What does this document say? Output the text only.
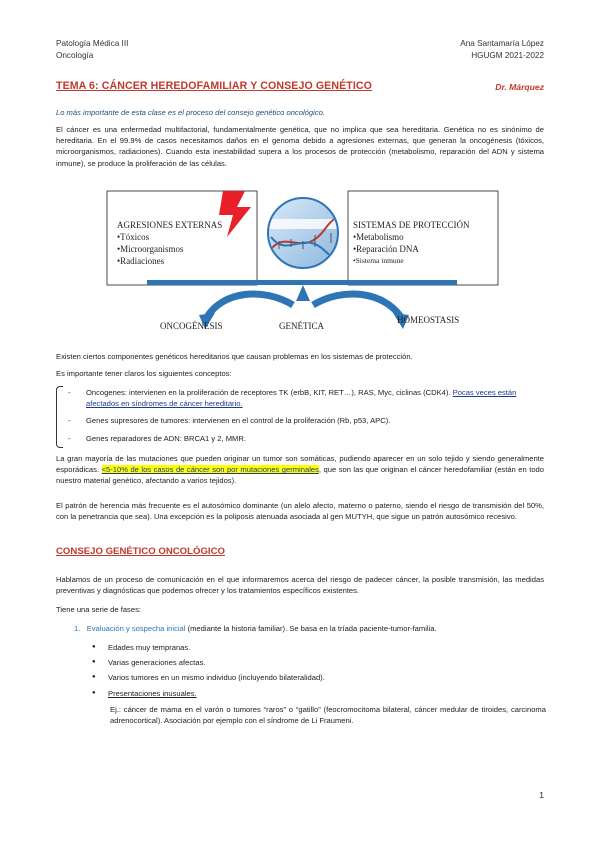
Patología Médica III
Oncología
Ana Santamaría López
HGUGM 2021-2022
TEMA 6: CÁNCER HEREDOFAMILIAR Y CONSEJO GENÉTICO	Dr. Márquez
Lo más importante de esta clase es el proceso del consejo genético oncológico.
El cáncer es una enfermedad multifactorial, fundamentalmente genética, que no implica que sea hereditaria. Genética no es sinónimo de hereditaria. En el 99.9% de casos necesitamos daños en el genoma debido a agresiones externas, que generan la oncogénesis (tóxicos, microorganismos, radiaciones). Cuando esta inestabilidad supera a los procesos de protección (metabolismo, reparación del ADN y sistema inmune), se produce la proliferación de las células.
AGRESIONES EXTERNAS
•Tóxicos
•Microorganismos
•Radiaciones
SISTEMAS DE PROTECCIÓN
•Metabolismo
•Reparación DNA
•Sistema inmune
ONCOGÉNESIS	GENÉTICA
HOMEOSTASIS
Existen ciertos componentes genéticos hereditarios que causan problemas en los sistemas de protección.
Es importante tener claros los siguientes conceptos:
- Oncogenes: intervienen en la proliferación de receptores TK (erbB, KIT, RET…), RAS, Myc, ciclinas (CDK4). Pocas veces están afectados en síndromes de cáncer hereditario.
- Genes supresores de tumores: intervienen en el control de la proliferación (Rb, p53, APC).
- Genes reparadores de ADN: BRCA1 y 2, MMR.
La gran mayoría de las mutaciones que pueden originar un tumor son somáticas, pudiendo aparecer en un solo tejido y siendo generalmente esporádicas. <5-10% de los casos de cáncer son por mutaciones germinales, que son las que originan el cáncer heredofamiliar (están en todo nuestro material genético, afectando a varios tejidos).
El patrón de herencia más frecuente es el autosómico dominante (un alelo afecto, materno o paterno, siendo el riesgo de transmisión del 50%, con la penetrancia que sea). Una excepción es la poliposis atenuada asociada al gen MUTYH, que sigue un patrón autosómico recesivo.
CONSEJO GENÉTICO ONCOLÓGICO
Hablamos de un proceso de comunicación en el que informaremos acerca del riesgo de padecer cáncer, la posible transmisión, las medidas preventivas y diagnósticas que podemos ofrecer y los tratamientos específicos existentes.
Tiene una serie de fases:
1. Evaluación y sospecha inicial (mediante la historia familiar). Se basa en la tríada paciente-tumor-familia.
● Edades muy tempranas.
● Varias generaciones afectas.
● Varios tumores en un mismo individuo (incluyendo bilateralidad).
● Presentaciones inusuales.
Ej.: cáncer de mama en el varón o tumores “raros” o “gatillo” (feocromocitoma bilateral, cáncer medular de tiroides, carcinoma adrenocortical). Asociación por ejemplo con el síndrome de Li Fraumeni.
1
